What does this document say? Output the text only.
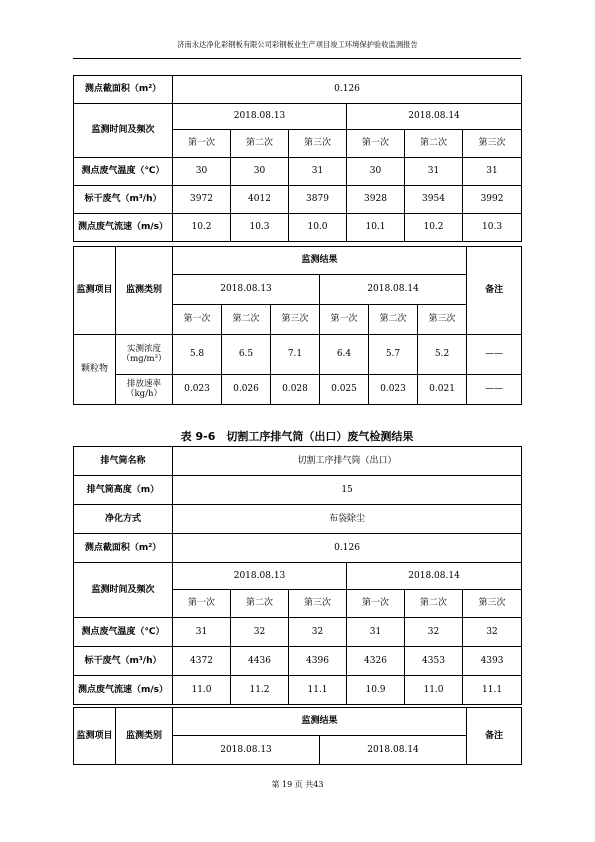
济南永达净化彩钢板有限公司彩钢板业生产项目竣工环境保护验收监测报告
测点截面积（m²）	0.126					
监测时间及频次	2018.08.13			2018.08.14		
	第一次	第二次	第三次	第一次	第二次	第三次
测点废气温度（℃）	30	30	31	30	31	31
标干废气（m³/h）	3972	4012	3879	3928	3954	3992
测点废气流速（m/s）	10.2	10.3	10.0	10.1	10.2	10.3
监测项目	监测类别	监测结果						备注
		2018.08.13			2018.08.14			
		第一次	第二次	第三次	第一次	第二次	第三次	
颗粒物	实测浓度（mg/m³）	5.8	6.5	7.1	6.4	5.7	5.2	——
	排放速率（kg/h）	0.023	0.026	0.028	0.025	0.023	0.021	——
表 9-6　切割工序排气筒（出口）废气检测结果
排气筒名称	切割工序排气筒（出口）					
排气筒高度（m）	15					
净化方式	布袋除尘					
测点截面积（m²）	0.126					
监测时间及频次	2018.08.13			2018.08.14		
	第一次	第二次	第三次	第一次	第二次	第三次
测点废气温度（℃）	31	32	32	31	32	32
标干废气（m³/h）	4372	4436	4396	4326	4353	4393
测点废气流速（m/s）	11.0	11.2	11.1	10.9	11.0	11.1
监测项目	监测类别	监测结果		备注
		2018.08.13	2018.08.14	
第 19 页 共43
